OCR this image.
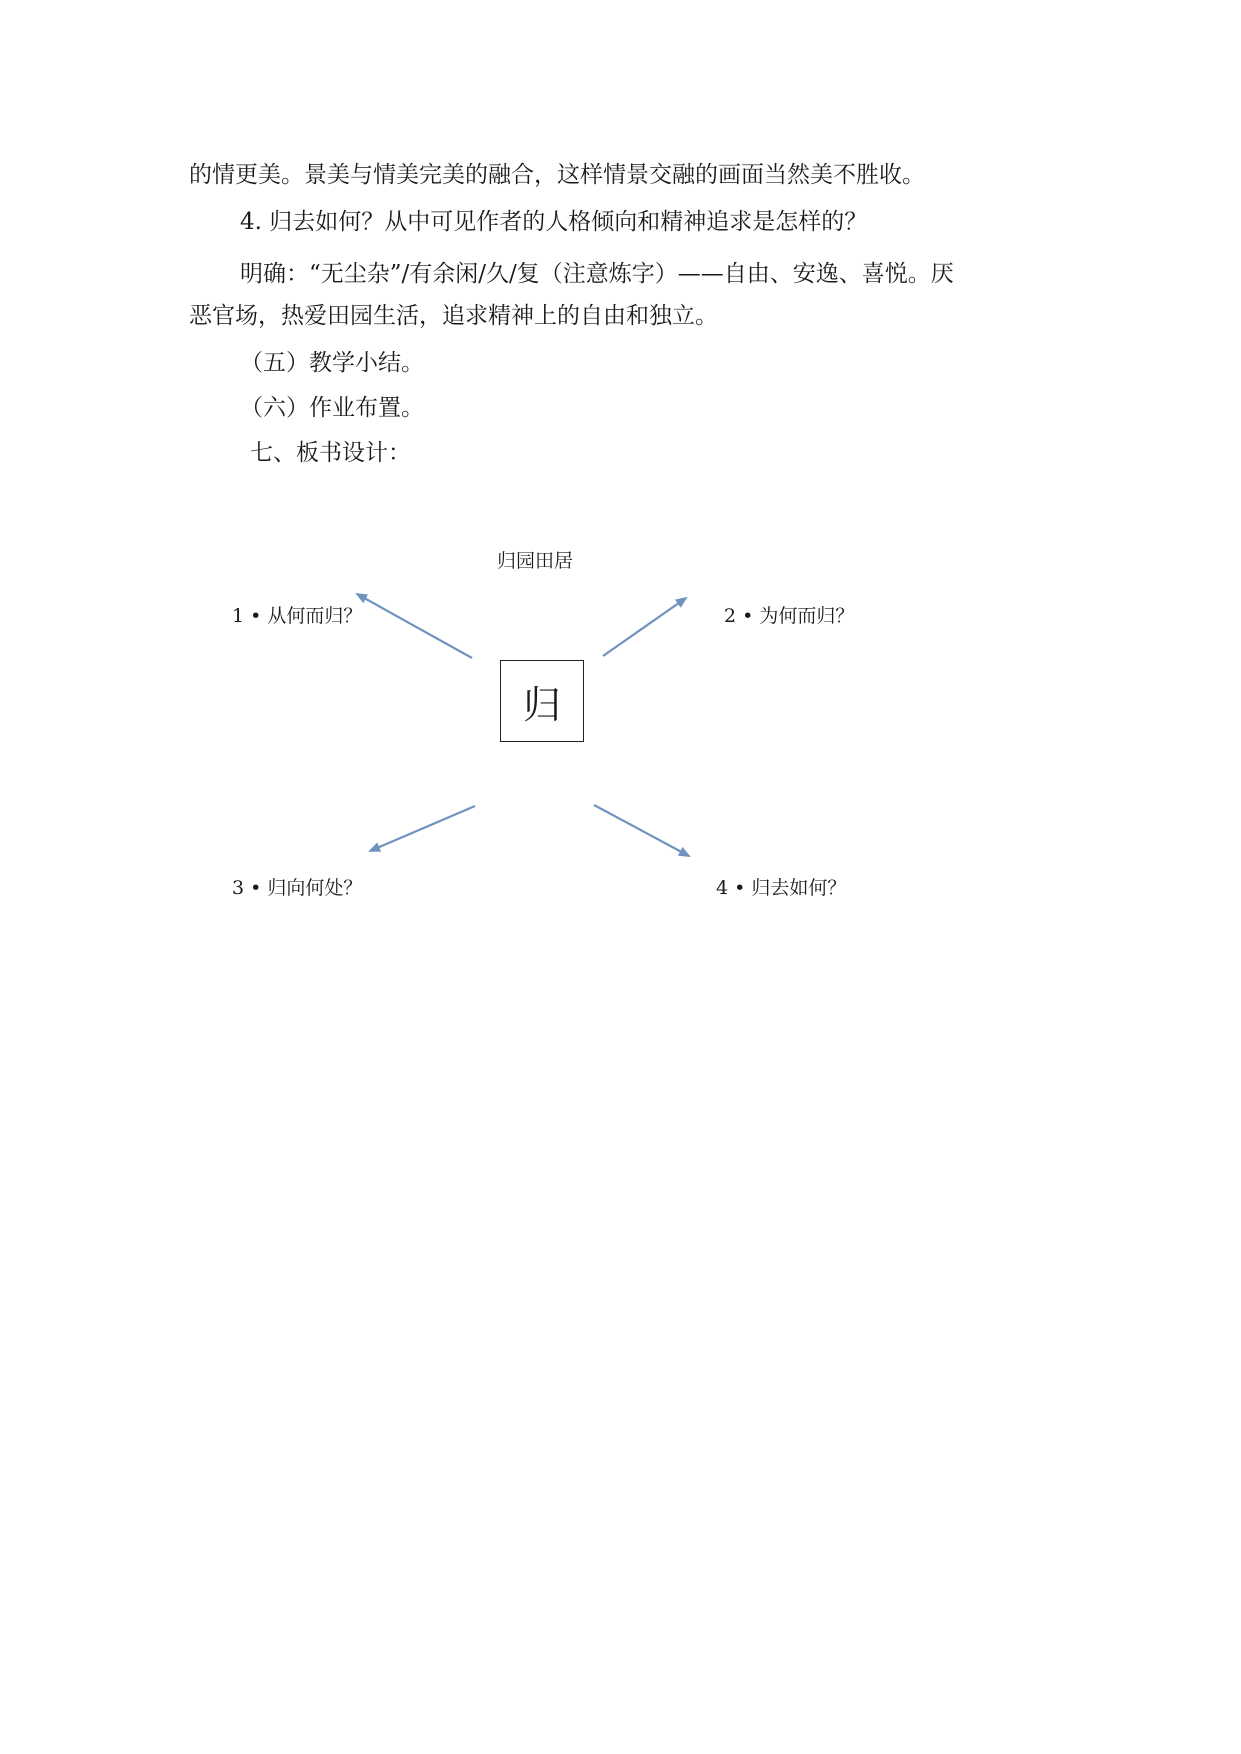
的情更美。景美与情美完美的融合，这样情景交融的画面当然美不胜收。
4. 归去如何？从中可见作者的人格倾向和精神追求是怎样的？
明确：“无尘杂”/有余闲/久/复（注意炼字）——自由、安逸、喜悦。厌
恶官场，热爱田园生活，追求精神上的自由和独立。
（五）教学小结。
（六）作业布置。
七、板书设计：
归园田居
1 • 从何而归？	2 • 为何而归？
3 • 归向何处？	4 • 归去如何？
归
